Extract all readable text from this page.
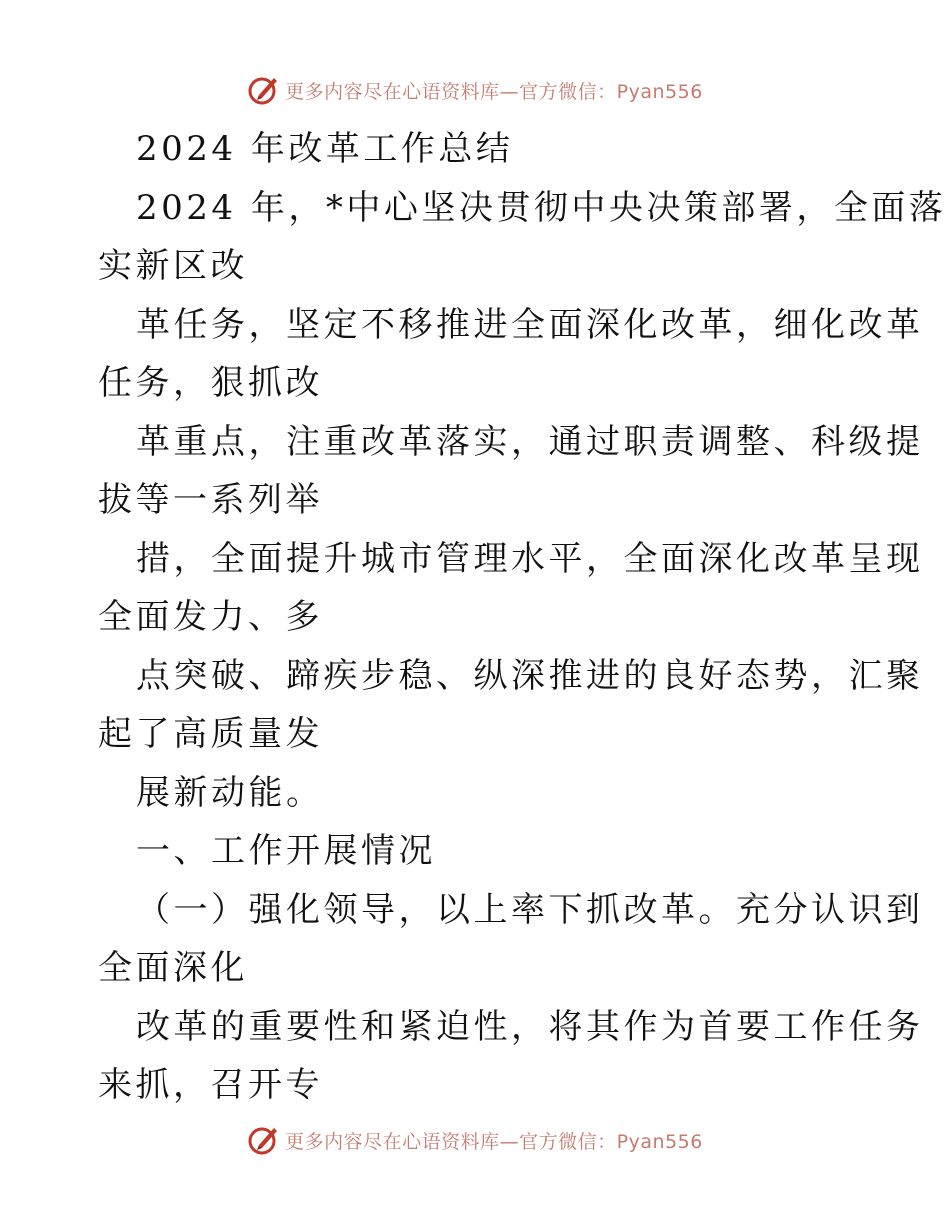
更多内容尽在心语资料库—官方微信：Pyan556

2024 年改革工作总结

2024 年，*中心坚决贯彻中央决策部署，全面落

实新区改

革任务，坚定不移推进全面深化改革，细化改革

任务，狠抓改

革重点，注重改革落实，通过职责调整、科级提

拔等一系列举

措，全面提升城市管理水平，全面深化改革呈现

全面发力、多

点突破、蹄疾步稳、纵深推进的良好态势，汇聚

起了高质量发

展新动能。

一、工作开展情况

（一）强化领导，以上率下抓改革。充分认识到

全面深化

改革的重要性和紧迫性，将其作为首要工作任务

来抓，召开专

更多内容尽在心语资料库—官方微信：Pyan556
